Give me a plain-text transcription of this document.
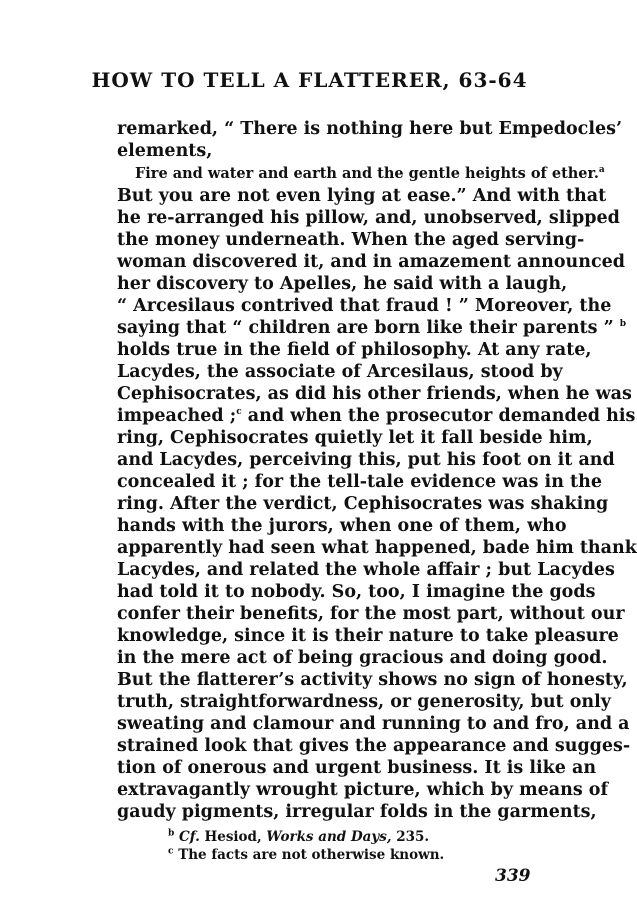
HOW TO TELL A FLATTERER, 63-64
remarked, “ There is nothing here but Empedocles’
elements,
Fire and water and earth and the gentle heights of ether.$^a$
But you are not even lying at ease.” And with that
he re-arranged his pillow, and, unobserved, slipped
the money underneath. When the aged serving-
woman discovered it, and in amazement announced
her discovery to Apelles, he said with a laugh,
“ Arcesilaus contrived that fraud ! ” Moreover, the
saying that “ children are born like their parents ” $^b$
holds true in the field of philosophy. At any rate,
Lacydes, the associate of Arcesilaus, stood by
Cephisocrates, as did his other friends, when he was
impeached ;$^c$ and when the prosecutor demanded his
ring, Cephisocrates quietly let it fall beside him,
and Lacydes, perceiving this, put his foot on it and
concealed it ; for the tell-tale evidence was in the
ring. After the verdict, Cephisocrates was shaking
hands with the jurors, when one of them, who
apparently had seen what happened, bade him thank
Lacydes, and related the whole affair ; but Lacydes
had told it to nobody. So, too, I imagine the gods
confer their benefits, for the most part, without our
knowledge, since it is their nature to take pleasure
in the mere act of being gracious and doing good.
But the flatterer’s activity shows no sign of honesty,
truth, straightforwardness, or generosity, but only
sweating and clamour and running to and fro, and a
strained look that gives the appearance and sugges-
tion of onerous and urgent business. It is like an
extravagantly wrought picture, which by means of
gaudy pigments, irregular folds in the garments,
$^b$ Cf. Hesiod, Works and Days, 235.
$^c$ The facts are not otherwise known.
339
